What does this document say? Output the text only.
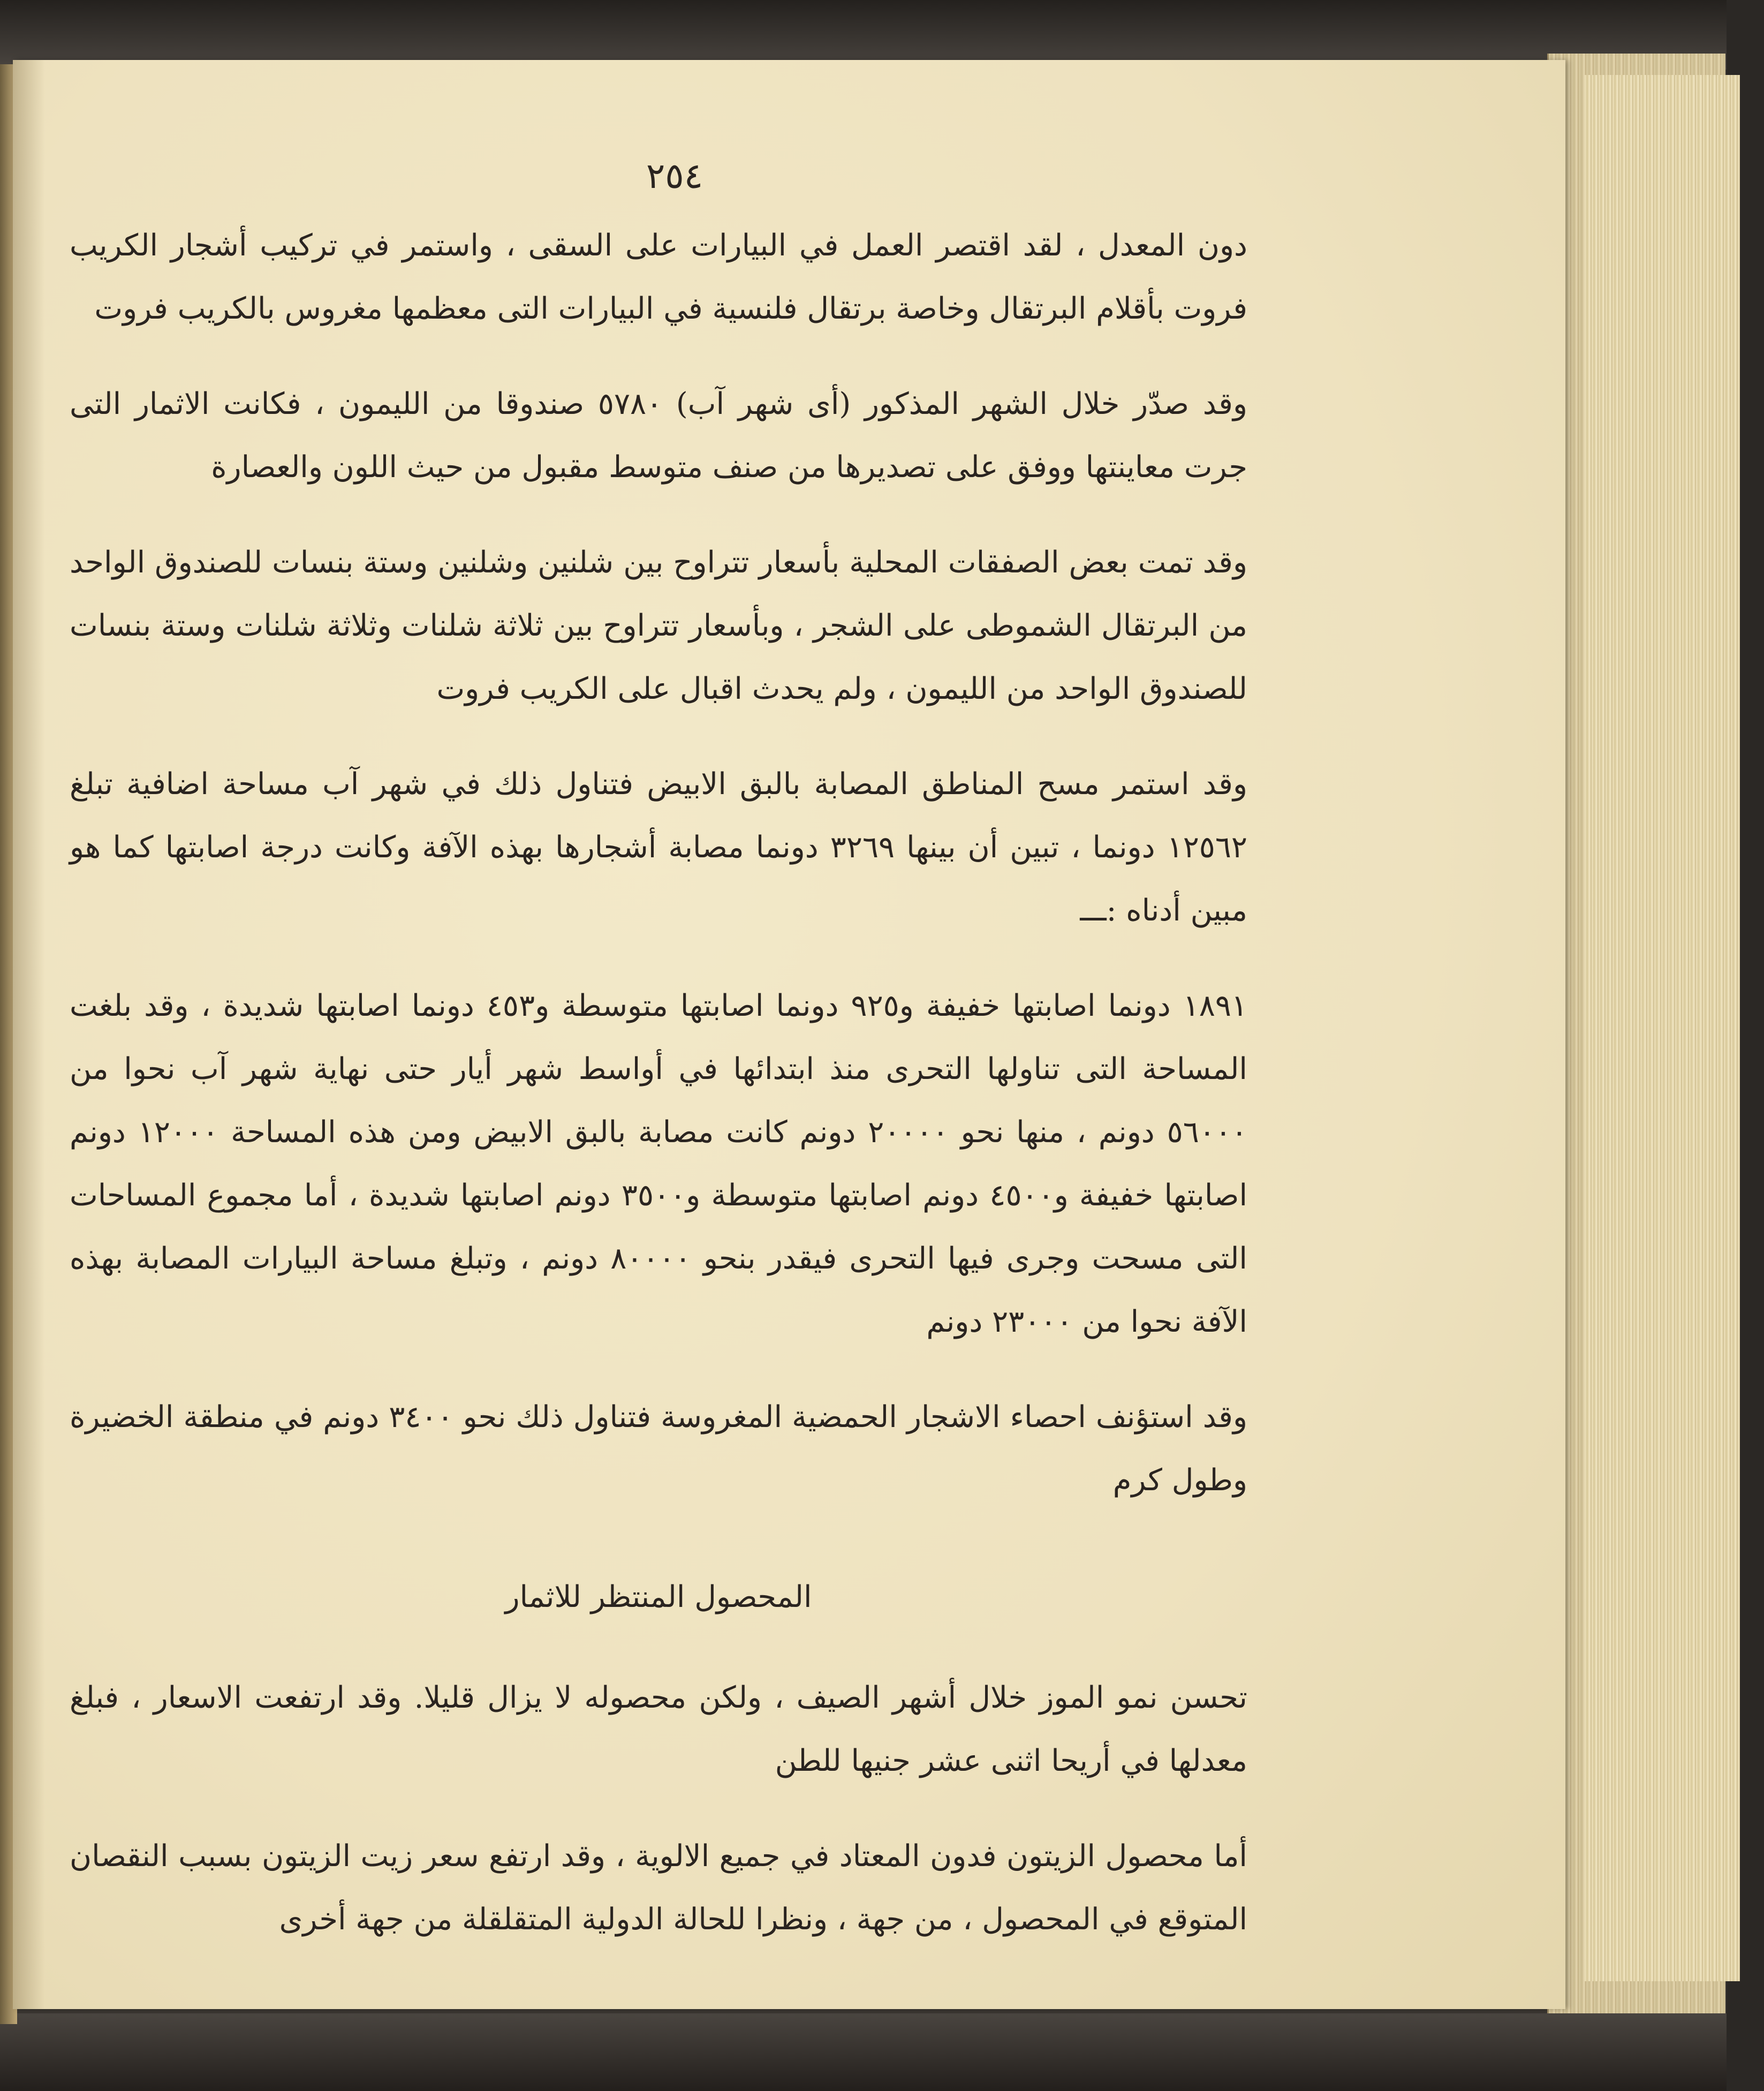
٢٥٤

دون المعدل ، لقد اقتصر العمل في البيارات على السقى ، واستمر في تركيب أشجار الكريب فروت بأقلام البرتقال وخاصة برتقال فلنسية في البيارات التى معظمها مغروس بالكريب فروت

وقد صدّر خلال الشهر المذكور (أى شهر آب) ٥٧٨٠ صندوقا من الليمون ، فكانت الاثمار التى جرت معاينتها ووفق على تصديرها من صنف متوسط مقبول من حيث اللون والعصارة

وقد تمت بعض الصفقات المحلية بأسعار تتراوح بين شلنين وشلنين وستة بنسات للصندوق الواحد من البرتقال الشموطى على الشجر ، وبأسعار تتراوح بين ثلاثة شلنات وثلاثة شلنات وستة بنسات للصندوق الواحد من الليمون ، ولم يحدث اقبال على الكريب فروت

وقد استمر مسح المناطق المصابة بالبق الابيض فتناول ذلك في شهر آب مساحة اضافية تبلغ ١٢٥٦٢ دونما ، تبين أن بينها ٣٢٦٩ دونما مصابة أشجارها بهذه الآفة وكانت درجة اصابتها كما هو مبين أدناه :ـــ

١٨٩١ دونما اصابتها خفيفة و٩٢٥ دونما اصابتها متوسطة و٤٥٣ دونما اصابتها شديدة ، وقد بلغت المساحة التى تناولها التحرى منذ ابتدائها في أواسط شهر أيار حتى نهاية شهر آب نحوا من ٥٦٠٠٠ دونم ، منها نحو ٢٠٠٠٠ دونم كانت مصابة بالبق الابيض ومن هذه المساحة ١٢٠٠٠ دونم اصابتها خفيفة و٤٥٠٠ دونم اصابتها متوسطة و٣٥٠٠ دونم اصابتها شديدة ، أما مجموع المساحات التى مسحت وجرى فيها التحرى فيقدر بنحو ٨٠٠٠٠ دونم ، وتبلغ مساحة البيارات المصابة بهذه الآفة نحوا من ٢٣٠٠٠ دونم

وقد استؤنف احصاء الاشجار الحمضية المغروسة فتناول ذلك نحو ٣٤٠٠ دونم في منطقة الخضيرة وطول كرم

المحصول المنتظر للاثمار

تحسن نمو الموز خلال أشهر الصيف ، ولكن محصوله لا يزال قليلا. وقد ارتفعت الاسعار ، فبلغ معدلها في أريحا اثنى عشر جنيها للطن

أما محصول الزيتون فدون المعتاد في جميع الالوية ، وقد ارتفع سعر زيت الزيتون بسبب النقصان المتوقع في المحصول ، من جهة ، ونظرا للحالة الدولية المتقلقلة من جهة أخرى
